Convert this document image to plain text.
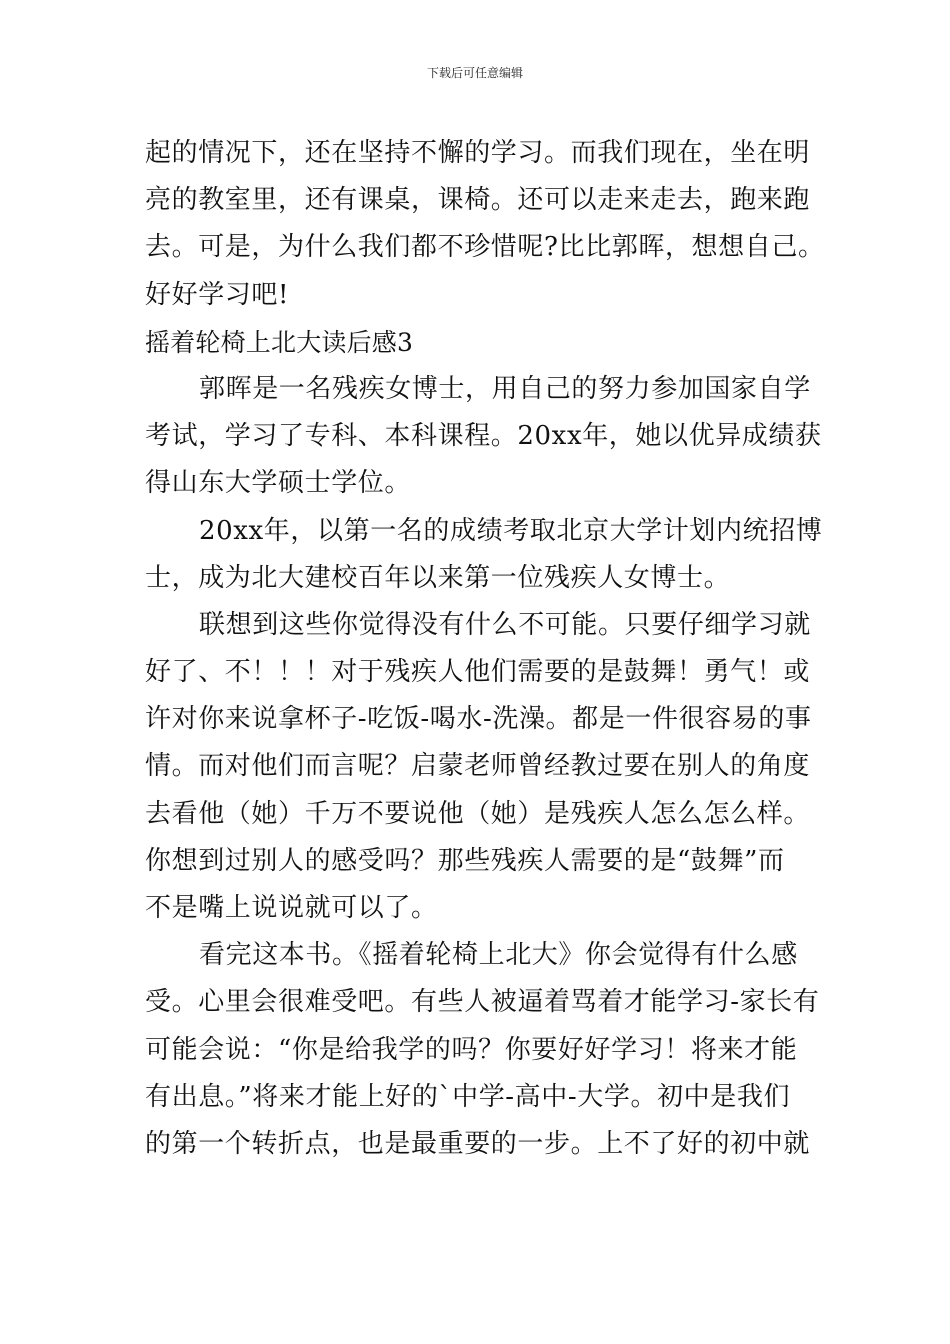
下载后可任意编辑
起的情况下，还在坚持不懈的学习。而我们现在，坐在明
亮的教室里，还有课桌，课椅。还可以走来走去，跑来跑
去。可是，为什么我们都不珍惜呢?比比郭晖，想想自己。
好好学习吧!
摇着轮椅上北大读后感3
郭晖是一名残疾女博士，用自己的努力参加国家自学
考试，学习了专科、本科课程。20xx年，她以优异成绩获
得山东大学硕士学位。
20xx年，以第一名的成绩考取北京大学计划内统招博
士，成为北大建校百年以来第一位残疾人女博士。
联想到这些你觉得没有什么不可能。只要仔细学习就
好了、不！！！对于残疾人他们需要的是鼓舞！勇气！或
许对你来说拿杯子-吃饭-喝水-洗澡。都是一件很容易的事
情。而对他们而言呢？启蒙老师曾经教过要在别人的角度
去看他（她）千万不要说他（她）是残疾人怎么怎么样。
你想到过别人的感受吗？那些残疾人需要的是“鼓舞”而
不是嘴上说说就可以了。
看完这本书。《摇着轮椅上北大》你会觉得有什么感
受。心里会很难受吧。有些人被逼着骂着才能学习-家长有
可能会说：“你是给我学的吗？你要好好学习！将来才能
有出息。”将来才能上好的`中学-高中-大学。初中是我们
的第一个转折点，也是最重要的一步。上不了好的初中就
